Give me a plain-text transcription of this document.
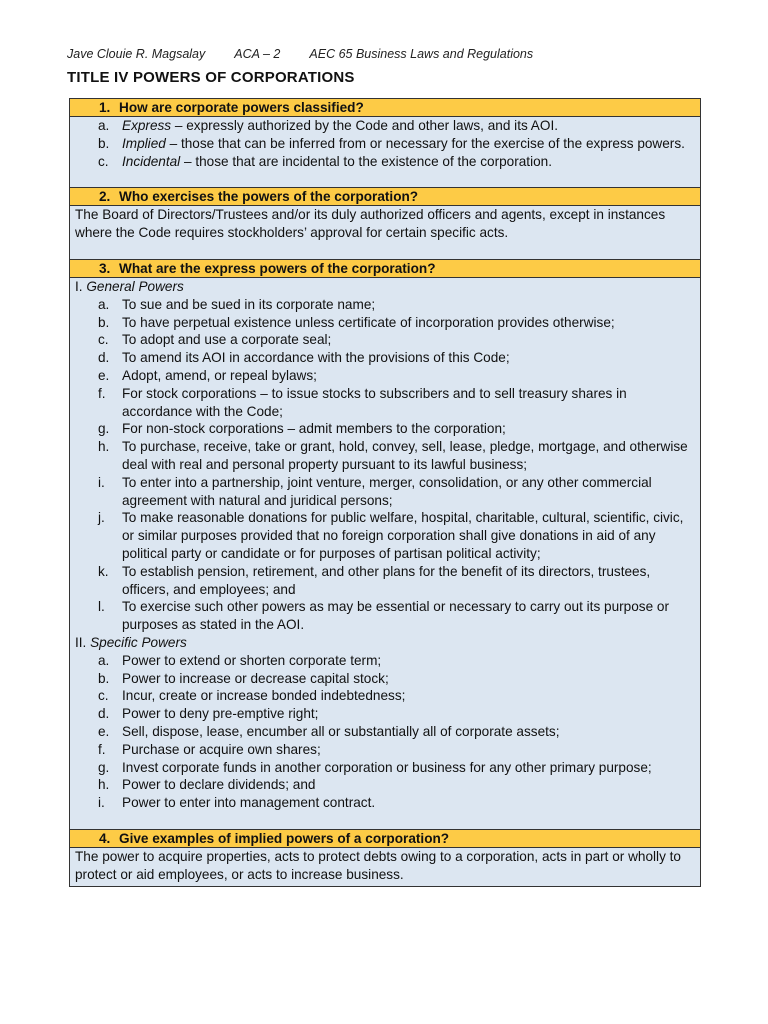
Jave Clouie R. Magsalay ACA – 2 AEC 65 Business Laws and Regulations
TITLE IV POWERS OF CORPORATIONS
1. How are corporate powers classified?

a. Express – expressly authorized by the Code and other laws, and its AOI.
b. Implied – those that can be inferred from or necessary for the exercise of the express powers.
c. Incidental – those that are incidental to the existence of the corporation.

2. Who exercises the powers of the corporation?

The Board of Directors/Trustees and/or its duly authorized officers and agents, except in instances where the Code requires stockholders’ approval for certain specific acts.

3. What are the express powers of the corporation?

I. General Powers

a. To sue and be sued in its corporate name;
b. To have perpetual existence unless certificate of incorporation provides otherwise;
c. To adopt and use a corporate seal;
d. To amend its AOI in accordance with the provisions of this Code;
e. Adopt, amend, or repeal bylaws;
f.	For stock corporations – to issue stocks to subscribers and to sell treasury shares in accordance with the Code;
g. For non-stock corporations – admit members to the corporation;
h. To purchase, receive, take or grant, hold, convey, sell, lease, pledge, mortgage, and otherwise deal with real and personal property pursuant to its lawful business;
i.	To enter into a partnership, joint venture, merger, consolidation, or any other commercial agreement with natural and juridical persons;
j.	To make reasonable donations for public welfare, hospital, charitable, cultural, scientific, civic, or similar purposes provided that no foreign corporation shall give donations in aid of any political party or candidate or for purposes of partisan political activity;
k. To establish pension, retirement, and other plans for the benefit of its directors, trustees, officers, and employees; and
l.	To exercise such other powers as may be essential or necessary to carry out its purpose or purposes as stated in the AOI.

II. Specific Powers

a. Power to extend or shorten corporate term;
b. Power to increase or decrease capital stock;
c. Incur, create or increase bonded indebtedness;
d. Power to deny pre-emptive right;
e. Sell, dispose, lease, encumber all or substantially all of corporate assets;
f.	Purchase or acquire own shares;
g. Invest corporate funds in another corporation or business for any other primary purpose;
h. Power to declare dividends; and
i.	Power to enter into management contract.

4. Give examples of implied powers of a corporation?

The power to acquire properties, acts to protect debts owing to a corporation, acts in part or wholly to protect or aid employees, or acts to increase business.
